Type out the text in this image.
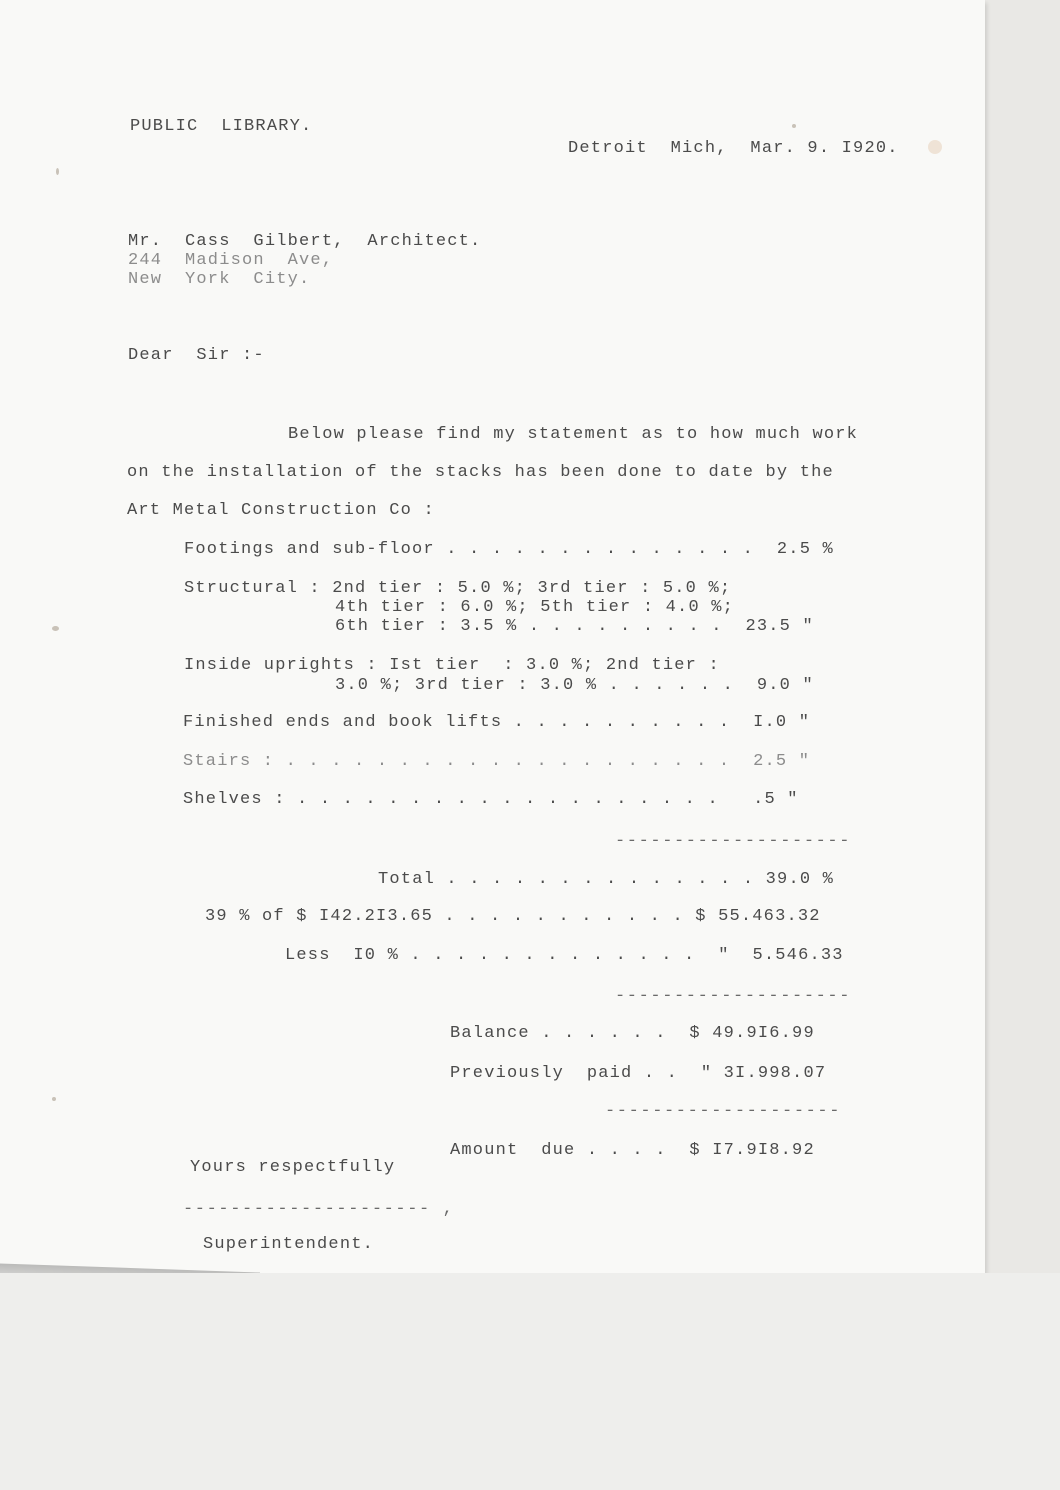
PUBLIC  LIBRARY.
Detroit  Mich,  Mar. 9. I920.
Mr.  Cass  Gilbert,  Architect.
244  Madison  Ave,
New  York  City.
Dear  Sir :-
Below please find my statement as to how much work
on the installation of the stacks has been done to date by the
Art Metal Construction Co :
Footings and sub-floor . . . . . . . . . . . . . .  2.5 %
Structural : 2nd tier : 5.0 %; 3rd tier : 5.0 %;
4th tier : 6.0 %; 5th tier : 4.0 %;
6th tier : 3.5 % . . . . . . . . .  23.5 "
Inside uprights : Ist tier  : 3.0 %; 2nd tier :
3.0 %; 3rd tier : 3.0 % . . . . . .  9.0 "
Finished ends and book lifts . . . . . . . . . .  I.0 "
Stairs : . . . . . . . . . . . . . . . . . . . .  2.5 "
Shelves : . . . . . . . . . . . . . . . . . . .   .5 "
--------------------
Total . . . . . . . . . . . . . . 39.0 %
39 % of $ I42.2I3.65 . . . . . . . . . . . $ 55.463.32
Less  I0 % . . . . . . . . . . . . .  "  5.546.33
--------------------
Balance . . . . . .  $ 49.9I6.99
Previously  paid . .  " 3I.998.07
--------------------
Amount  due . . . .  $ I7.9I8.92
Yours respectfully
--------------------- ,
Superintendent.
